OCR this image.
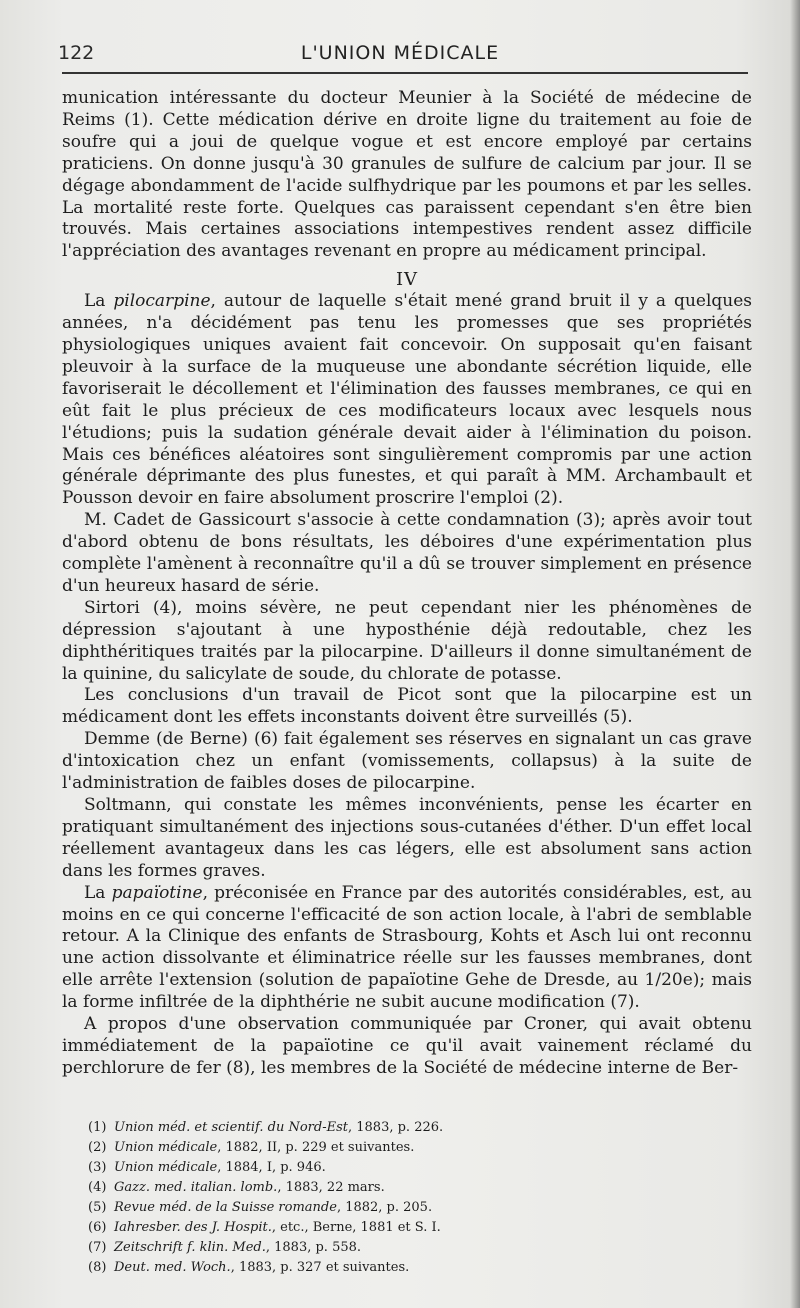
122	L'UNION MÉDICALE

munication intéressante du docteur Meunier à la Société de médecine de Reims (1). Cette médication dérive en droite ligne du traitement au foie de soufre qui a joui de quelque vogue et est encore employé par certains praticiens. On donne jusqu'à 30 granules de sulfure de calcium par jour. Il se dégage abondamment de l'acide sulfhydrique par les poumons et par les selles. La mortalité reste forte. Quelques cas paraissent cependant s'en être bien trouvés. Mais certaines associations intempestives rendent assez difficile l'appréciation des avantages revenant en propre au médicament principal.

IV

La pilocarpine, autour de laquelle s'était mené grand bruit il y a quelques années, n'a décidément pas tenu les promesses que ses propriétés physiologiques uniques avaient fait concevoir. On supposait qu'en faisant pleuvoir à la surface de la muqueuse une abondante sécrétion liquide, elle favoriserait le décollement et l'élimination des fausses membranes, ce qui en eût fait le plus précieux de ces modificateurs locaux avec lesquels nous l'étudions; puis la sudation générale devait aider à l'élimination du poison. Mais ces bénéfices aléatoires sont singulièrement compromis par une action générale déprimante des plus funestes, et qui paraît à MM. Archambault et Pousson devoir en faire absolument proscrire l'emploi (2).

M. Cadet de Gassicourt s'associe à cette condamnation (3); après avoir tout d'abord obtenu de bons résultats, les déboires d'une expérimentation plus complète l'amènent à reconnaître qu'il a dû se trouver simplement en présence d'un heureux hasard de série.

Sirtori (4), moins sévère, ne peut cependant nier les phénomènes de dépression s'ajoutant à une hyposthénie déjà redoutable, chez les diphthéritiques traités par la pilocarpine. D'ailleurs il donne simultanément de la quinine, du salicylate de soude, du chlorate de potasse.

Les conclusions d'un travail de Picot sont que la pilocarpine est un médicament dont les effets inconstants doivent être surveillés (5).

Demme (de Berne) (6) fait également ses réserves en signalant un cas grave d'intoxication chez un enfant (vomissements, collapsus) à la suite de l'administration de faibles doses de pilocarpine.

Soltmann, qui constate les mêmes inconvénients, pense les écarter en pratiquant simultanément des injections sous-cutanées d'éther. D'un effet local réellement avantageux dans les cas légers, elle est absolument sans action dans les formes graves.

La papaïotine, préconisée en France par des autorités considérables, est, au moins en ce qui concerne l'efficacité de son action locale, à l'abri de semblable retour. A la Clinique des enfants de Strasbourg, Kohts et Asch lui ont reconnu une action dissolvante et éliminatrice réelle sur les fausses membranes, dont elle arrête l'extension (solution de papaïotine Gehe de Dresde, au 1/20e); mais la forme infiltrée de la diphthérie ne subit aucune modification (7).

A propos d'une observation communiquée par Croner, qui avait obtenu immédiatement de la papaïotine ce qu'il avait vainement réclamé du perchlorure de fer (8), les membres de la Société de médecine interne de Ber-

(1) Union méd. et scientif. du Nord-Est, 1883, p. 226.
(2) Union médicale, 1882, II, p. 229 et suivantes.
(3) Union médicale, 1884, I, p. 946.
(4) Gazz. med. italian. lomb., 1883, 22 mars.
(5) Revue méd. de la Suisse romande, 1882, p. 205.
(6) Iahresber. des J. Hospit., etc., Berne, 1881 et S. I.
(7) Zeitschrift f. klin. Med., 1883, p. 558.
(8) Deut. med. Woch., 1883, p. 327 et suivantes.
